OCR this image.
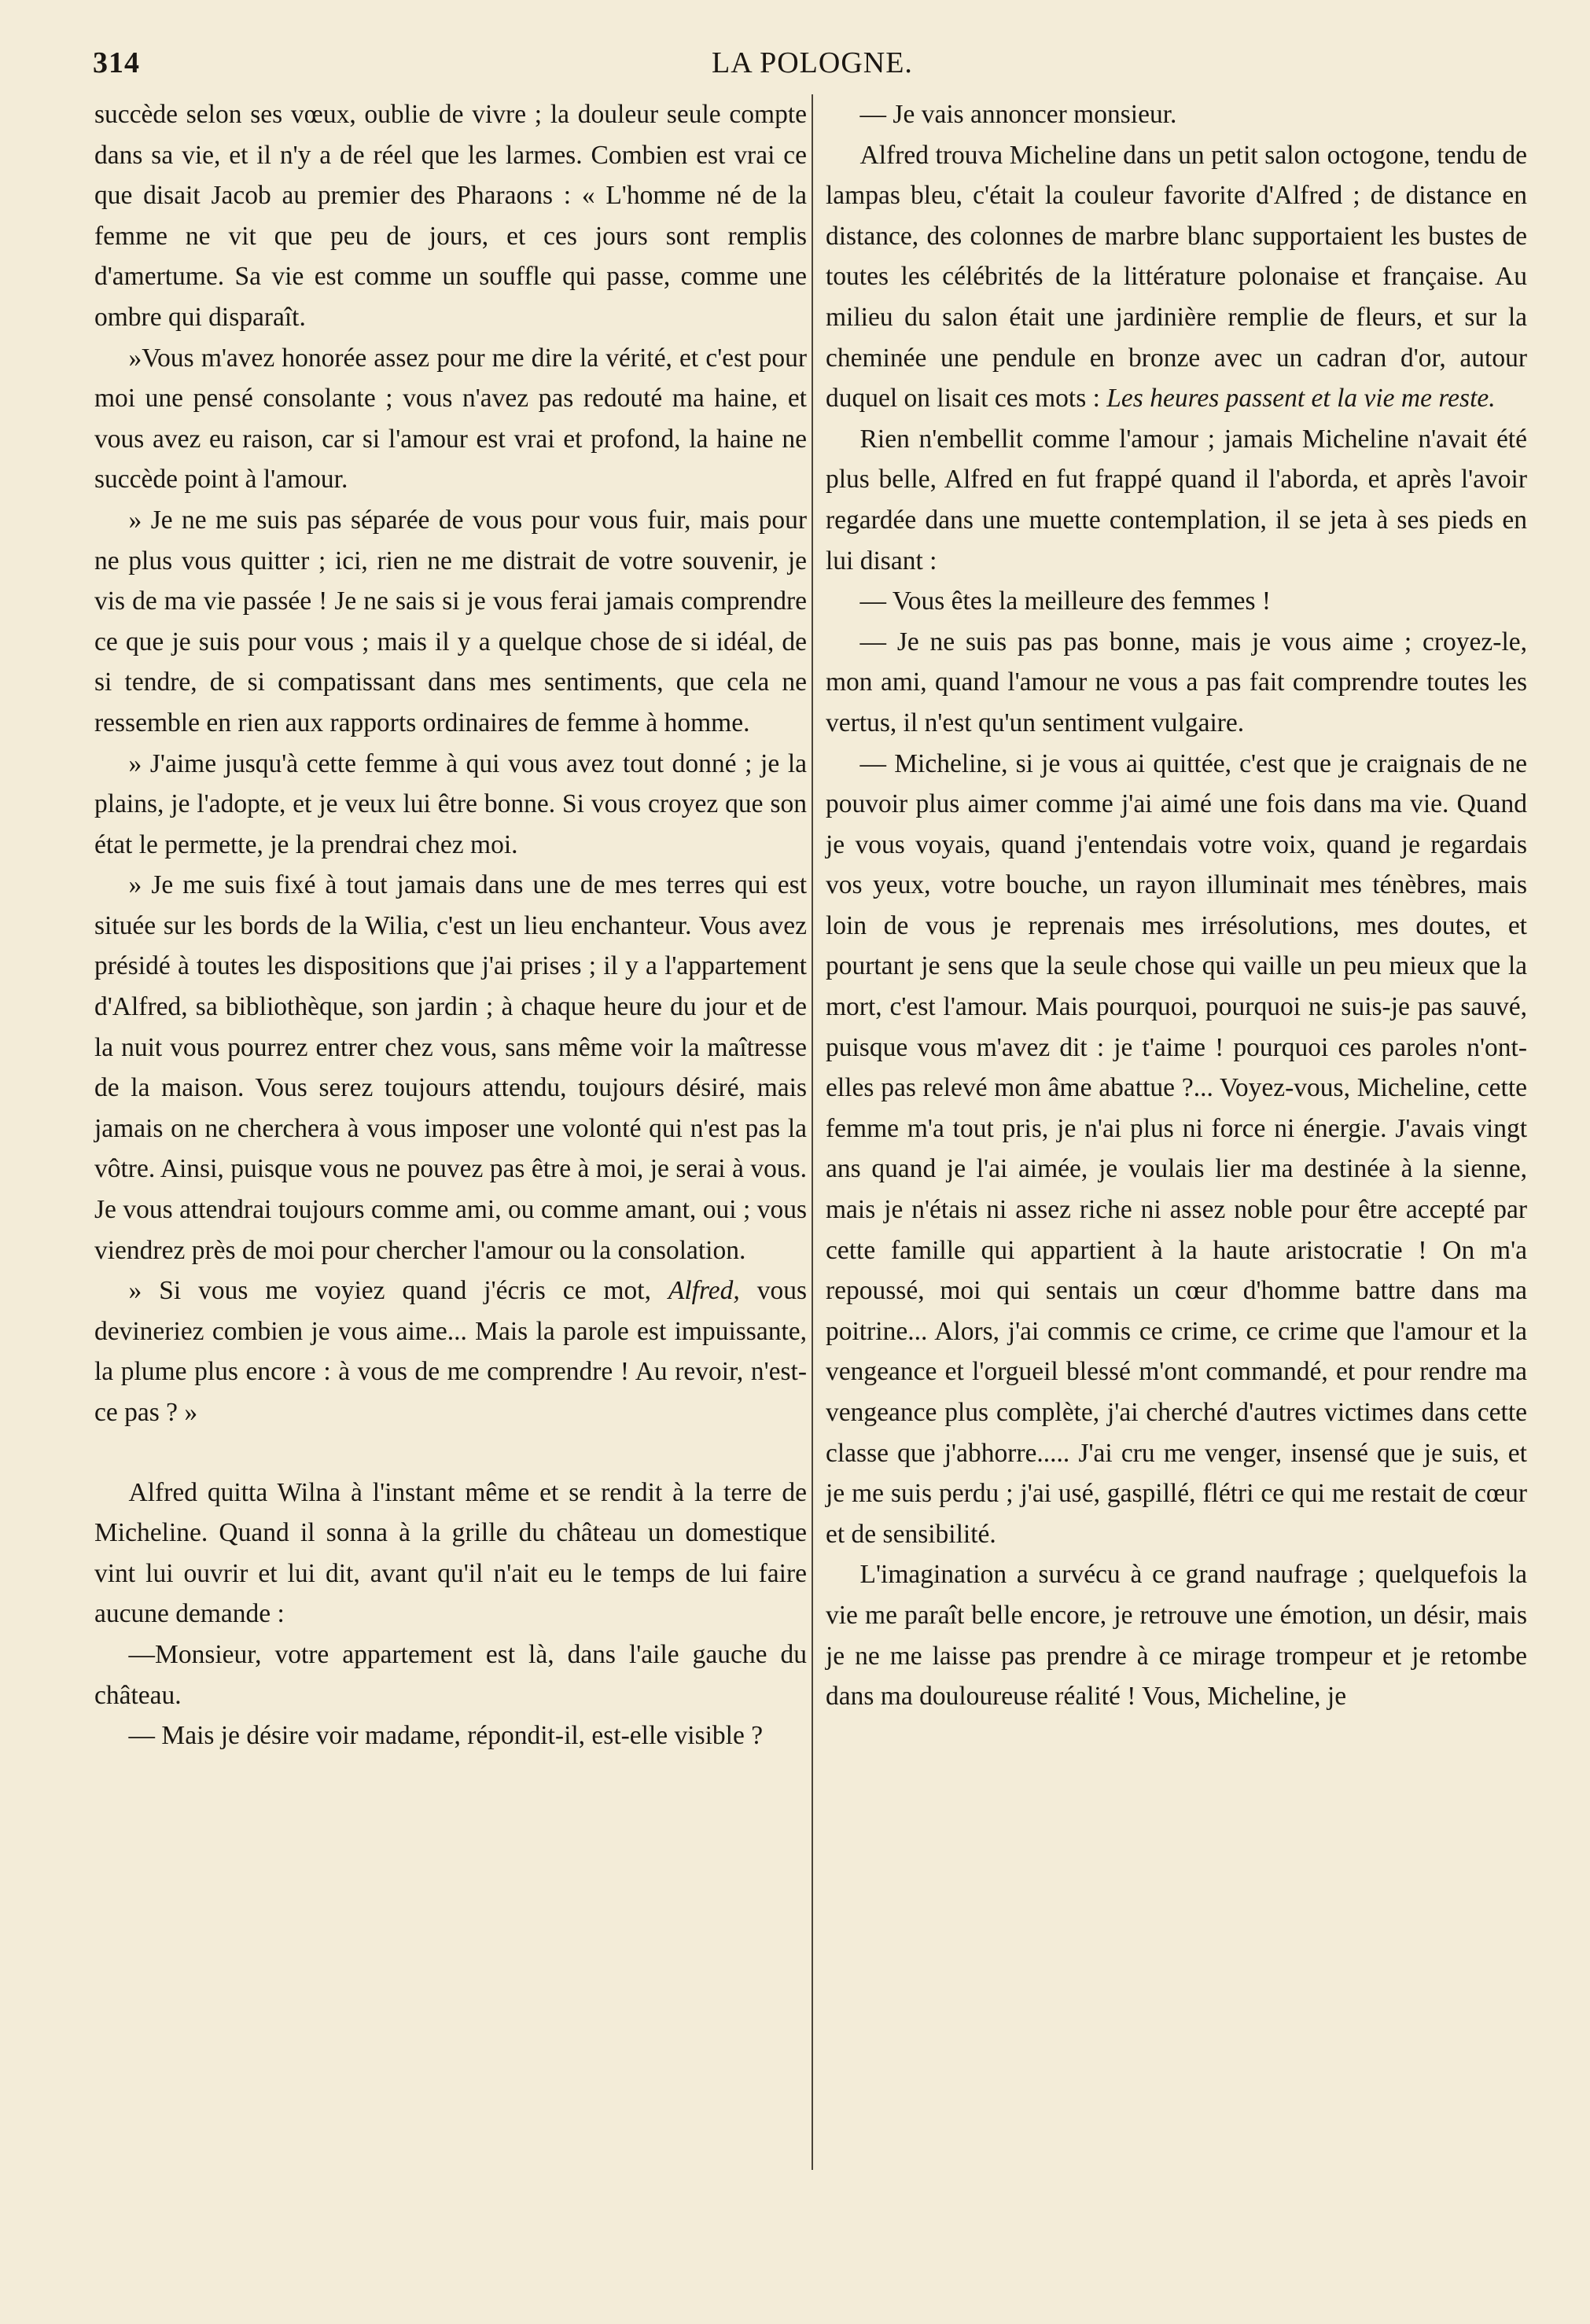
314	LA POLOGNE.

succède selon ses vœux, oublie de vivre ; la douleur seule compte dans sa vie, et il n'y a de réel que les larmes. Combien est vrai ce que disait Jacob au premier des Pharaons : « L'homme né de la femme ne vit que peu de jours, et ces jours sont remplis d'amertume. Sa vie est comme un souffle qui passe, comme une ombre qui disparaît.

»Vous m'avez honorée assez pour me dire la vérité, et c'est pour moi une pensé consolante ; vous n'avez pas redouté ma haine, et vous avez eu raison, car si l'amour est vrai et profond, la haine ne succède point à l'amour.

» Je ne me suis pas séparée de vous pour vous fuir, mais pour ne plus vous quitter ; ici, rien ne me distrait de votre souvenir, je vis de ma vie passée ! Je ne sais si je vous ferai jamais comprendre ce que je suis pour vous ; mais il y a quelque chose de si idéal, de si tendre, de si compatissant dans mes sentiments, que cela ne ressemble en rien aux rapports ordinaires de femme à homme.

» J'aime jusqu'à cette femme à qui vous avez tout donné ; je la plains, je l'adopte, et je veux lui être bonne. Si vous croyez que son état le permette, je la prendrai chez moi.

» Je me suis fixé à tout jamais dans une de mes terres qui est située sur les bords de la Wilia, c'est un lieu enchanteur. Vous avez présidé à toutes les dispositions que j'ai prises ; il y a l'appartement d'Alfred, sa bibliothèque, son jardin ; à chaque heure du jour et de la nuit vous pourrez entrer chez vous, sans même voir la maîtresse de la maison. Vous serez toujours attendu, toujours désiré, mais jamais on ne cherchera à vous imposer une volonté qui n'est pas la vôtre. Ainsi, puisque vous ne pouvez pas être à moi, je serai à vous. Je vous attendrai toujours comme ami, ou comme amant, oui ; vous viendrez près de moi pour chercher l'amour ou la consolation.

» Si vous me voyiez quand j'écris ce mot, Alfred, vous devineriez combien je vous aime... Mais la parole est impuissante, la plume plus encore : à vous de me comprendre ! Au revoir, n'est-ce pas ? »

Alfred quitta Wilna à l'instant même et se rendit à la terre de Micheline. Quand il sonna à la grille du château un domestique vint lui ouvrir et lui dit, avant qu'il n'ait eu le temps de lui faire aucune demande :

—Monsieur, votre appartement est là, dans l'aile gauche du château.

— Mais je désire voir madame, répondit-il, est-elle visible ?

— Je vais annoncer monsieur.

Alfred trouva Micheline dans un petit salon octogone, tendu de lampas bleu, c'était la couleur favorite d'Alfred ; de distance en distance, des colonnes de marbre blanc supportaient les bustes de toutes les célébrités de la littérature polonaise et française. Au milieu du salon était une jardinière remplie de fleurs, et sur la cheminée une pendule en bronze avec un cadran d'or, autour duquel on lisait ces mots : Les heures passent et la vie me reste.

Rien n'embellit comme l'amour ; jamais Micheline n'avait été plus belle, Alfred en fut frappé quand il l'aborda, et après l'avoir regardée dans une muette contemplation, il se jeta à ses pieds en lui disant :

— Vous êtes la meilleure des femmes !

— Je ne suis pas pas bonne, mais je vous aime ; croyez-le, mon ami, quand l'amour ne vous a pas fait comprendre toutes les vertus, il n'est qu'un sentiment vulgaire.

— Micheline, si je vous ai quittée, c'est que je craignais de ne pouvoir plus aimer comme j'ai aimé une fois dans ma vie. Quand je vous voyais, quand j'entendais votre voix, quand je regardais vos yeux, votre bouche, un rayon illuminait mes ténèbres, mais loin de vous je reprenais mes irrésolutions, mes doutes, et pourtant je sens que la seule chose qui vaille un peu mieux que la mort, c'est l'amour. Mais pourquoi, pourquoi ne suis-je pas sauvé, puisque vous m'avez dit : je t'aime ! pourquoi ces paroles n'ont-elles pas relevé mon âme abattue ?... Voyez-vous, Micheline, cette femme m'a tout pris, je n'ai plus ni force ni énergie. J'avais vingt ans quand je l'ai aimée, je voulais lier ma destinée à la sienne, mais je n'étais ni assez riche ni assez noble pour être accepté par cette famille qui appartient à la haute aristocratie ! On m'a repoussé, moi qui sentais un cœur d'homme battre dans ma poitrine... Alors, j'ai commis ce crime, ce crime que l'amour et la vengeance et l'orgueil blessé m'ont commandé, et pour rendre ma vengeance plus complète, j'ai cherché d'autres victimes dans cette classe que j'abhorre..... J'ai cru me venger, insensé que je suis, et je me suis perdu ; j'ai usé, gaspillé, flétri ce qui me restait de cœur et de sensibilité.

L'imagination a survécu à ce grand naufrage ; quelquefois la vie me paraît belle encore, je retrouve une émotion, un désir, mais je ne me laisse pas prendre à ce mirage trompeur et je retombe dans ma douloureuse réalité ! Vous, Micheline, je
